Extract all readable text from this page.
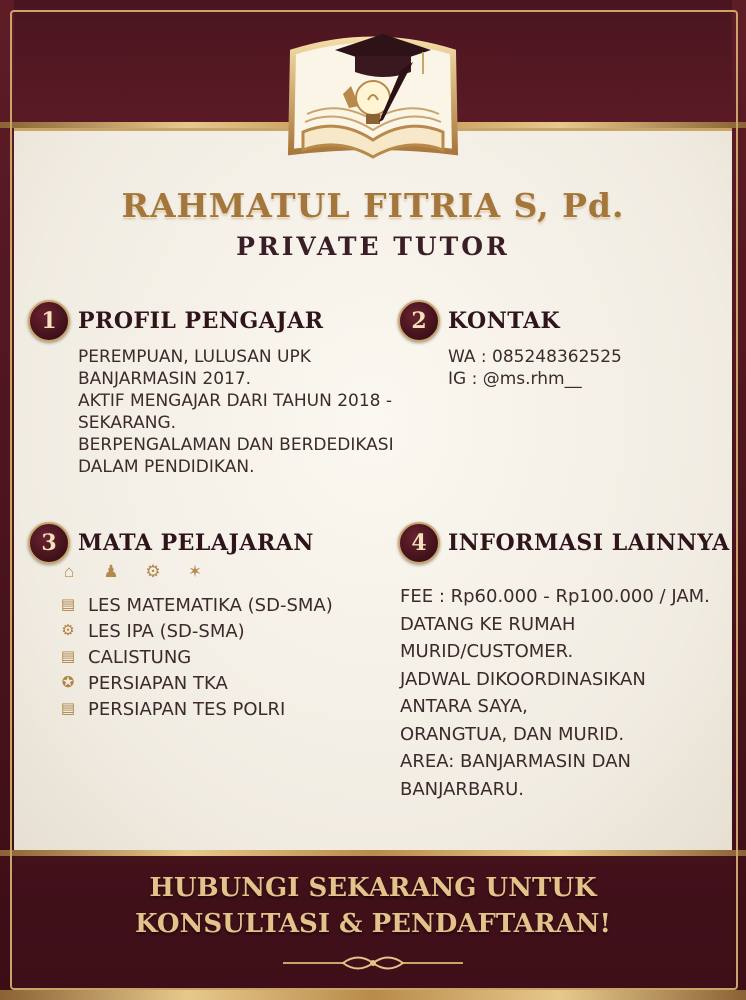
RAHMATUL FITRIA S, Pd.
PRIVATE TUTOR
1 PROFIL PENGAJAR
PEREMPUAN, LULUSAN UPK
BANJARMASIN 2017.
AKTIF MENGAJAR DARI TAHUN 2018 -
SEKARANG.
BERPENGALAMAN DAN BERDEDIKASI
DALAM PENDIDIKAN.
2 KONTAK
WA : 085248362525
IG : @ms.rhm__
3 MATA PELAJARAN
⌂	♟ ⚙ ✶
▤ LES MATEMATIKA (SD-SMA)
⚙ LES IPA (SD-SMA)
▤ CALISTUNG
✪ PERSIAPAN TKA
▤ PERSIAPAN TES POLRI
4 INFORMASI LAINNYA
FEE : Rp60.000 - Rp100.000 / JAM.
DATANG KE RUMAH
MURID/CUSTOMER.
JADWAL DIKOORDINASIKAN
ANTARA SAYA,
ORANGTUA, DAN MURID.
AREA: BANJARMASIN DAN
BANJARBARU.
HUBUNGI SEKARANG UNTUK
KONSULTASI & PENDAFTARAN!
